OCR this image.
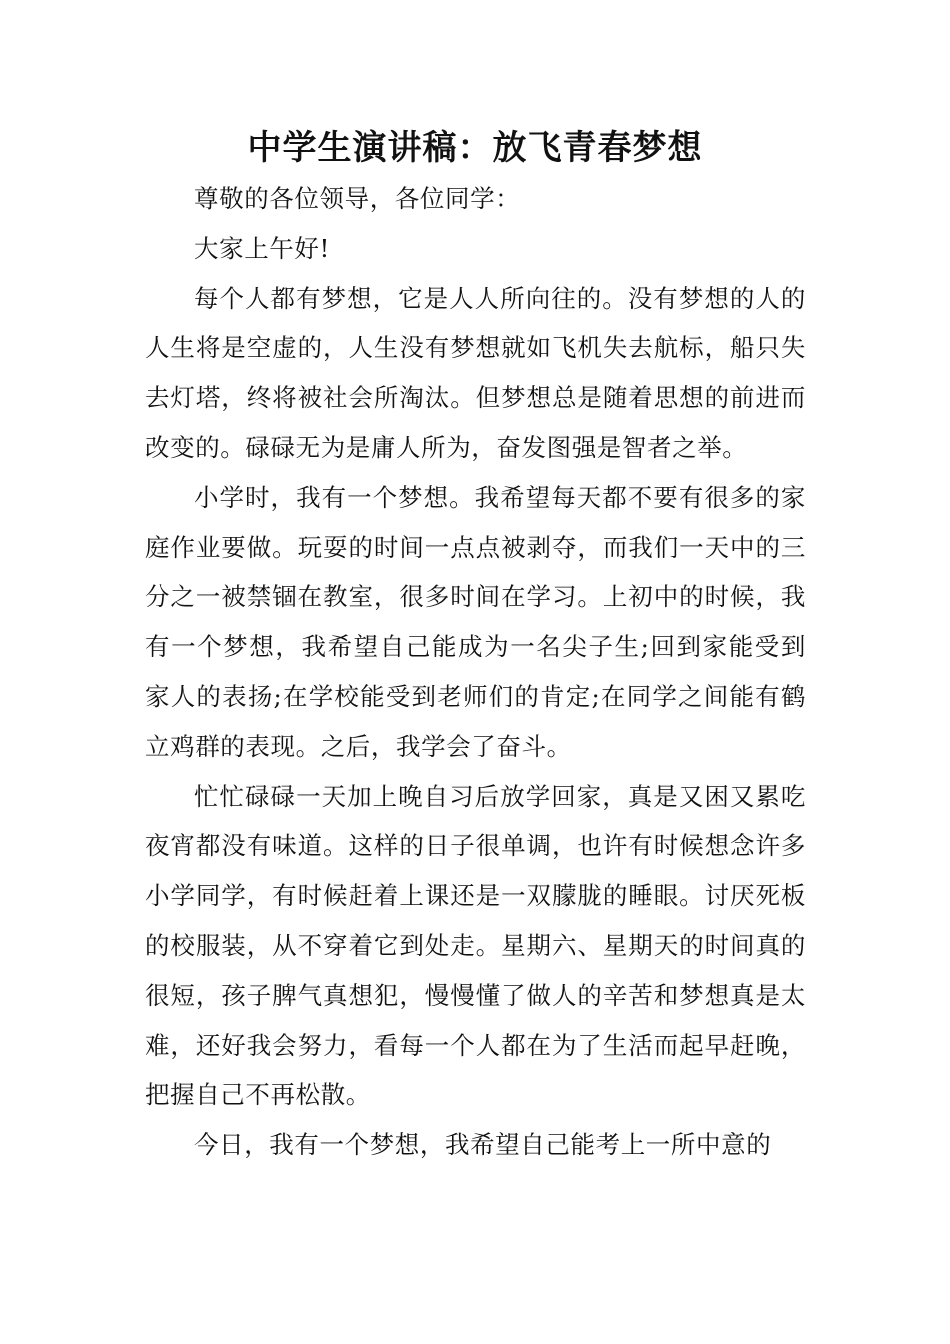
中学生演讲稿：放飞青春梦想

尊敬的各位领导，各位同学：

大家上午好!

每个人都有梦想，它是人人所向往的。没有梦想的人的人生将是空虚的，人生没有梦想就如飞机失去航标，船只失去灯塔，终将被社会所淘汰。但梦想总是随着思想的前进而改变的。碌碌无为是庸人所为，奋发图强是智者之举。

小学时，我有一个梦想。我希望每天都不要有很多的家庭作业要做。玩耍的时间一点点被剥夺，而我们一天中的三分之一被禁锢在教室，很多时间在学习。上初中的时候，我有一个梦想，我希望自己能成为一名尖子生;回到家能受到家人的表扬;在学校能受到老师们的肯定;在同学之间能有鹤立鸡群的表现。之后，我学会了奋斗。

忙忙碌碌一天加上晚自习后放学回家，真是又困又累吃夜宵都没有味道。这样的日子很单调，也许有时候想念许多小学同学，有时候赶着上课还是一双朦胧的睡眼。讨厌死板的校服装，从不穿着它到处走。星期六、星期天的时间真的很短，孩子脾气真想犯，慢慢懂了做人的辛苦和梦想真是太难，还好我会努力，看每一个人都在为了生活而起早赶晚，把握自己不再松散。

今日，我有一个梦想，我希望自己能考上一所中意的
